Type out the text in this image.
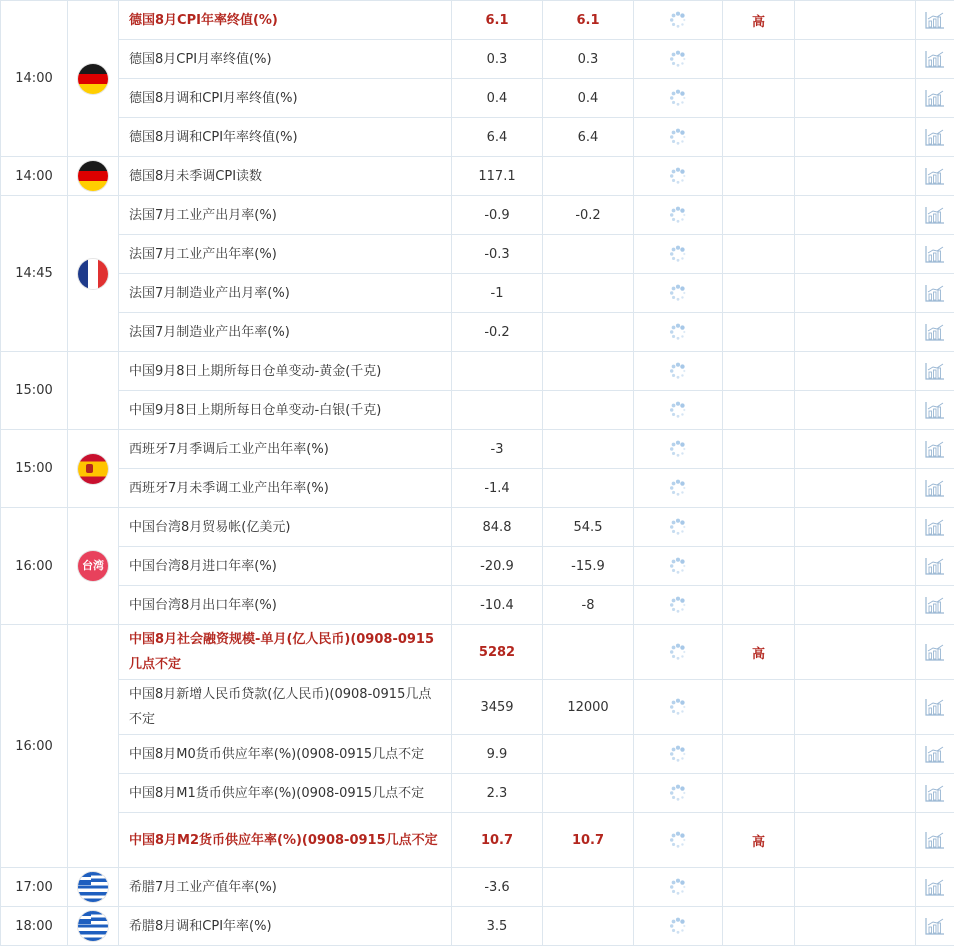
14:00		德国8月CPI年率终值(%)	6.1	6.1		高		
		德国8月CPI月率终值(%)	0.3	0.3				
		德国8月调和CPI月率终值(%)	0.4	0.4				
		德国8月调和CPI年率终值(%)	6.4	6.4				
14:00		德国8月未季调CPI读数	117.1					
14:45		法国7月工业产出月率(%)	-0.9	-0.2				
		法国7月工业产出年率(%)	-0.3					
		法国7月制造业产出月率(%)	-1					
		法国7月制造业产出年率(%)	-0.2					
15:00		中国9月8日上期所每日仓单变动-黄金(千克)						
		中国9月8日上期所每日仓单变动-白银(千克)						
15:00		西班牙7月季调后工业产出年率(%)	-3					
		西班牙7月未季调工业产出年率(%)	-1.4					
16:00	台湾	中国台湾8月贸易帐(亿美元)	84.8	54.5				
		中国台湾8月进口年率(%)	-20.9	-15.9				
		中国台湾8月出口年率(%)	-10.4	-8				
16:00		中国8月社会融资规模-单月(亿人民币)(0908-0915几点不定	5282			高		
		中国8月新增人民币贷款(亿人民币)(0908-0915几点不定	3459	12000				
		中国8月M0货币供应年率(%)(0908-0915几点不定	9.9					
		中国8月M1货币供应年率(%)(0908-0915几点不定	2.3					
		中国8月M2货币供应年率(%)(0908-0915几点不定	10.7	10.7		高		
17:00		希腊7月工业产值年率(%)	-3.6					
18:00		希腊8月调和CPI年率(%)	3.5					
